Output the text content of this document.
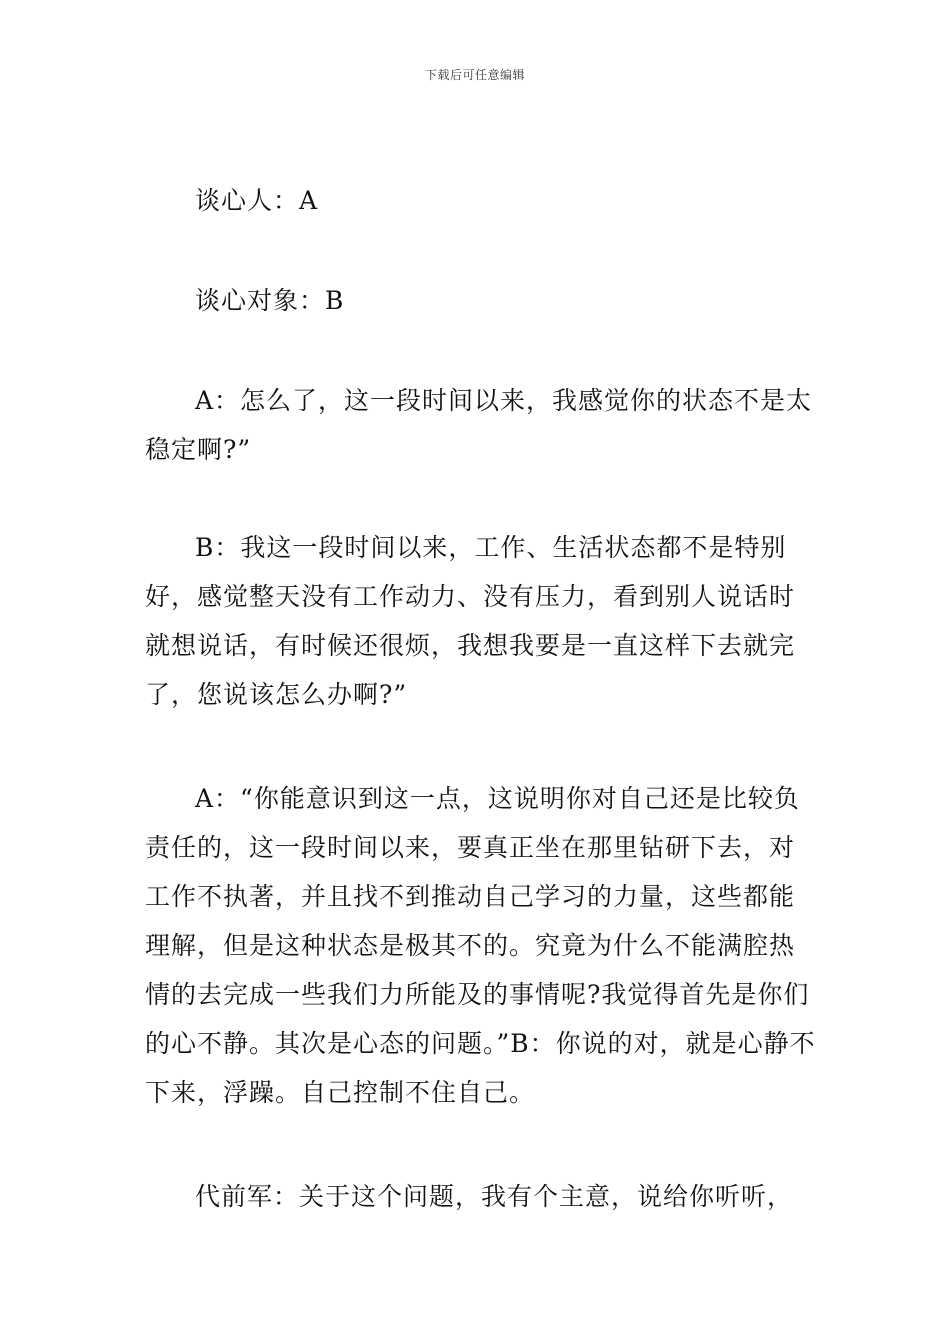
下载后可任意编辑

谈心人：A

谈心对象：B

A：怎么了，这一段时间以来，我感觉你的状态不是太稳定啊?”

B：我这一段时间以来，工作、生活状态都不是特别好，感觉整天没有工作动力、没有压力，看到别人说话时就想说话，有时候还很烦，我想我要是一直这样下去就完了，您说该怎么办啊?”

A：“你能意识到这一点，这说明你对自己还是比较负责任的，这一段时间以来，要真正坐在那里钻研下去，对工作不执著，并且找不到推动自己学习的力量，这些都能理解，但是这种状态是极其不的。究竟为什么不能满腔热情的去完成一些我们力所能及的事情呢?我觉得首先是你们的心不静。其次是心态的问题。”B：你说的对，就是心静不下来，浮躁。自己控制不住自己。

代前军：关于这个问题，我有个主意，说给你听听，
